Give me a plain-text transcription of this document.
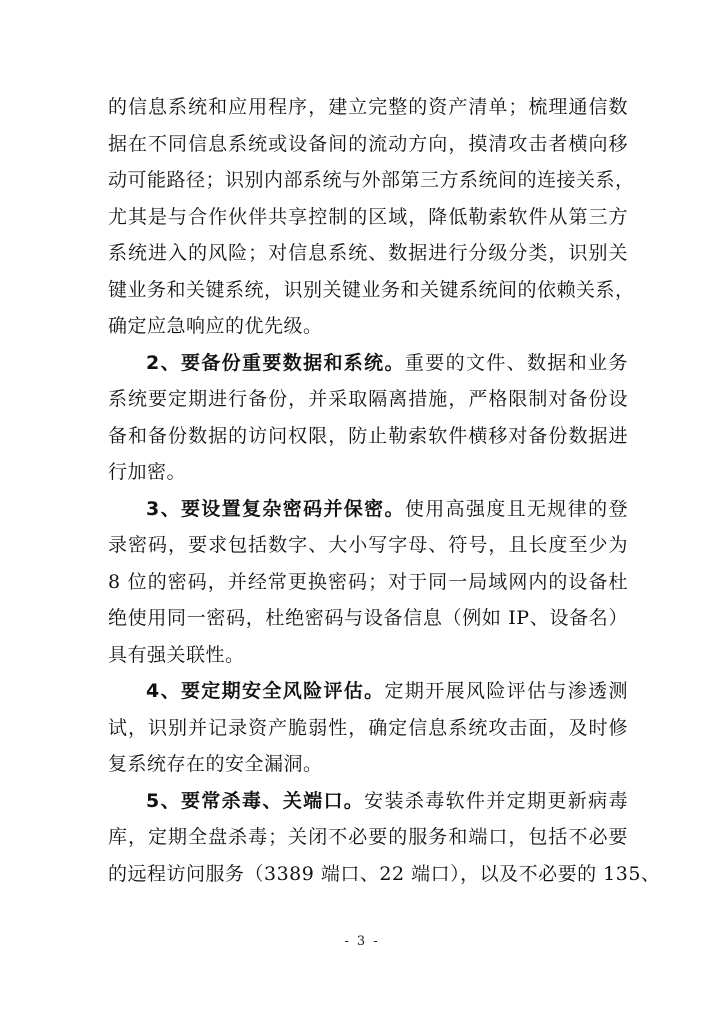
的信息系统和应用程序，建立完整的资产清单；梳理通信数
据在不同信息系统或设备间的流动方向，摸清攻击者横向移
动可能路径；识别内部系统与外部第三方系统间的连接关系，
尤其是与合作伙伴共享控制的区域，降低勒索软件从第三方
系统进入的风险；对信息系统、数据进行分级分类，识别关
键业务和关键系统，识别关键业务和关键系统间的依赖关系，
确定应急响应的优先级。
2、要备份重要数据和系统。重要的文件、数据和业务
系统要定期进行备份，并采取隔离措施，严格限制对备份设
备和备份数据的访问权限，防止勒索软件横移对备份数据进
行加密。
3、要设置复杂密码并保密。使用高强度且无规律的登
录密码，要求包括数字、大小写字母、符号，且长度至少为
8 位的密码，并经常更换密码；对于同一局域网内的设备杜
绝使用同一密码，杜绝密码与设备信息（例如 IP、设备名）
具有强关联性。
4、要定期安全风险评估。定期开展风险评估与渗透测
试，识别并记录资产脆弱性，确定信息系统攻击面，及时修
复系统存在的安全漏洞。
5、要常杀毒、关端口。安装杀毒软件并定期更新病毒
库，定期全盘杀毒；关闭不必要的服务和端口，包括不必要
的远程访问服务（3389 端口、22 端口），以及不必要的 135、
- 3 -
